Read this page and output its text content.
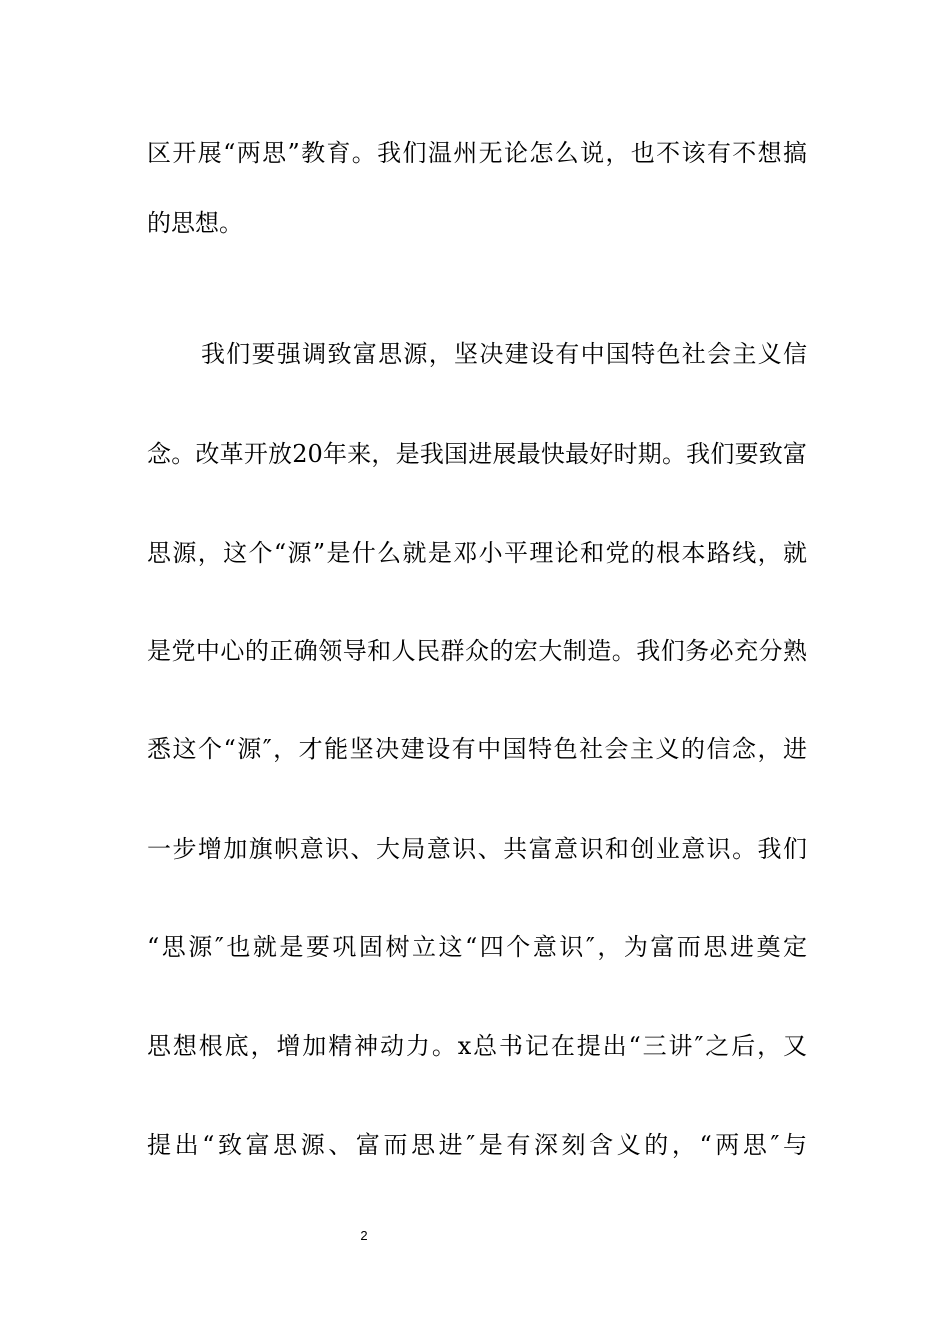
区开展“两思”教育。我们温州无论怎么说，也不该有不想搞
的思想。
我们要强调致富思源，坚决建设有中国特色社会主义信
念。改革开放20年来，是我国进展最快最好时期。我们要致富
思源，这个“源”是什么就是邓小平理论和党的根本路线，就
是党中心的正确领导和人民群众的宏大制造。我们务必充分熟
悉这个“源″，才能坚决建设有中国特色社会主义的信念，进
一步增加旗帜意识、大局意识、共富意识和创业意识。我们
“思源″也就是要巩固树立这“四个意识″，为富而思进奠定
思想根底，增加精神动力。x总书记在提出“三讲″之后，又
提出“致富思源、富而思进″是有深刻含义的，“两思″与
2
